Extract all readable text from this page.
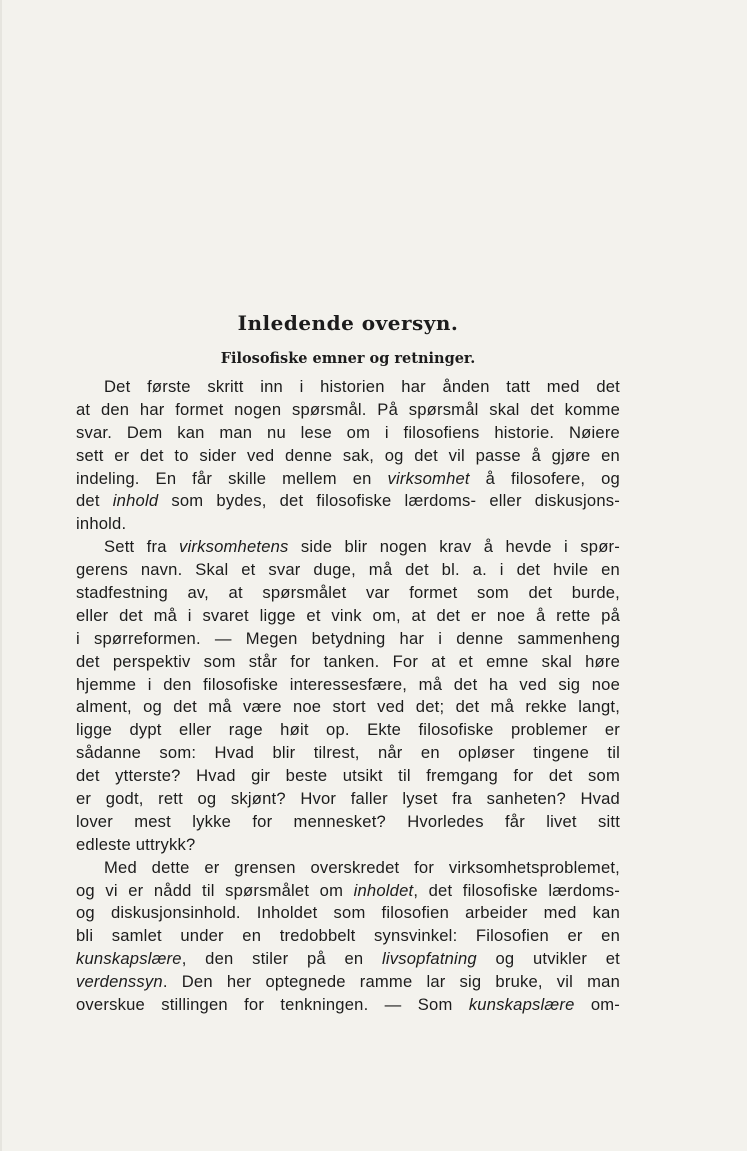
Inledende oversyn.
Filosofiske emner og retninger.

Det første skritt inn i historien har ånden tatt med det
at den har formet nogen spørsmål. På spørsmål skal det komme
svar. Dem kan man nu lese om i filosofiens historie. Nøiere
sett er det to sider ved denne sak, og det vil passe å gjøre en
indeling. En får skille mellem en virksomhet å filosofere, og
det inhold som bydes, det filosofiske lærdoms- eller diskusjons-
inhold.

Sett fra virksomhetens side blir nogen krav å hevde i spør-
gerens navn. Skal et svar duge, må det bl. a. i det hvile en
stadfestning av, at spørsmålet var formet som det burde,
eller det må i svaret ligge et vink om, at det er noe å rette på
i spørreformen. — Megen betydning har i denne sammenheng
det perspektiv som står for tanken. For at et emne skal høre
hjemme i den filosofiske interessesfære, må det ha ved sig noe
alment, og det må være noe stort ved det; det må rekke langt,
ligge dypt eller rage høit op. Ekte filosofiske problemer er
sådanne som: Hvad blir tilrest, når en opløser tingene til
det ytterste? Hvad gir beste utsikt til fremgang for det som
er godt, rett og skjønt? Hvor faller lyset fra sanheten? Hvad
lover mest lykke for mennesket? Hvorledes får livet sitt
edleste uttrykk?

Med dette er grensen overskredet for virksomhetsproblemet,
og vi er nådd til spørsmålet om inholdet, det filosofiske lærdoms-
og diskusjonsinhold. Inholdet som filosofien arbeider med kan
bli samlet under en tredobbelt synsvinkel: Filosofien er en
kunskapslære, den stiler på en livsopfatning og utvikler et
verdenssyn. Den her optegnede ramme lar sig bruke, vil man
overskue stillingen for tenkningen. — Som kunskapslære om-
